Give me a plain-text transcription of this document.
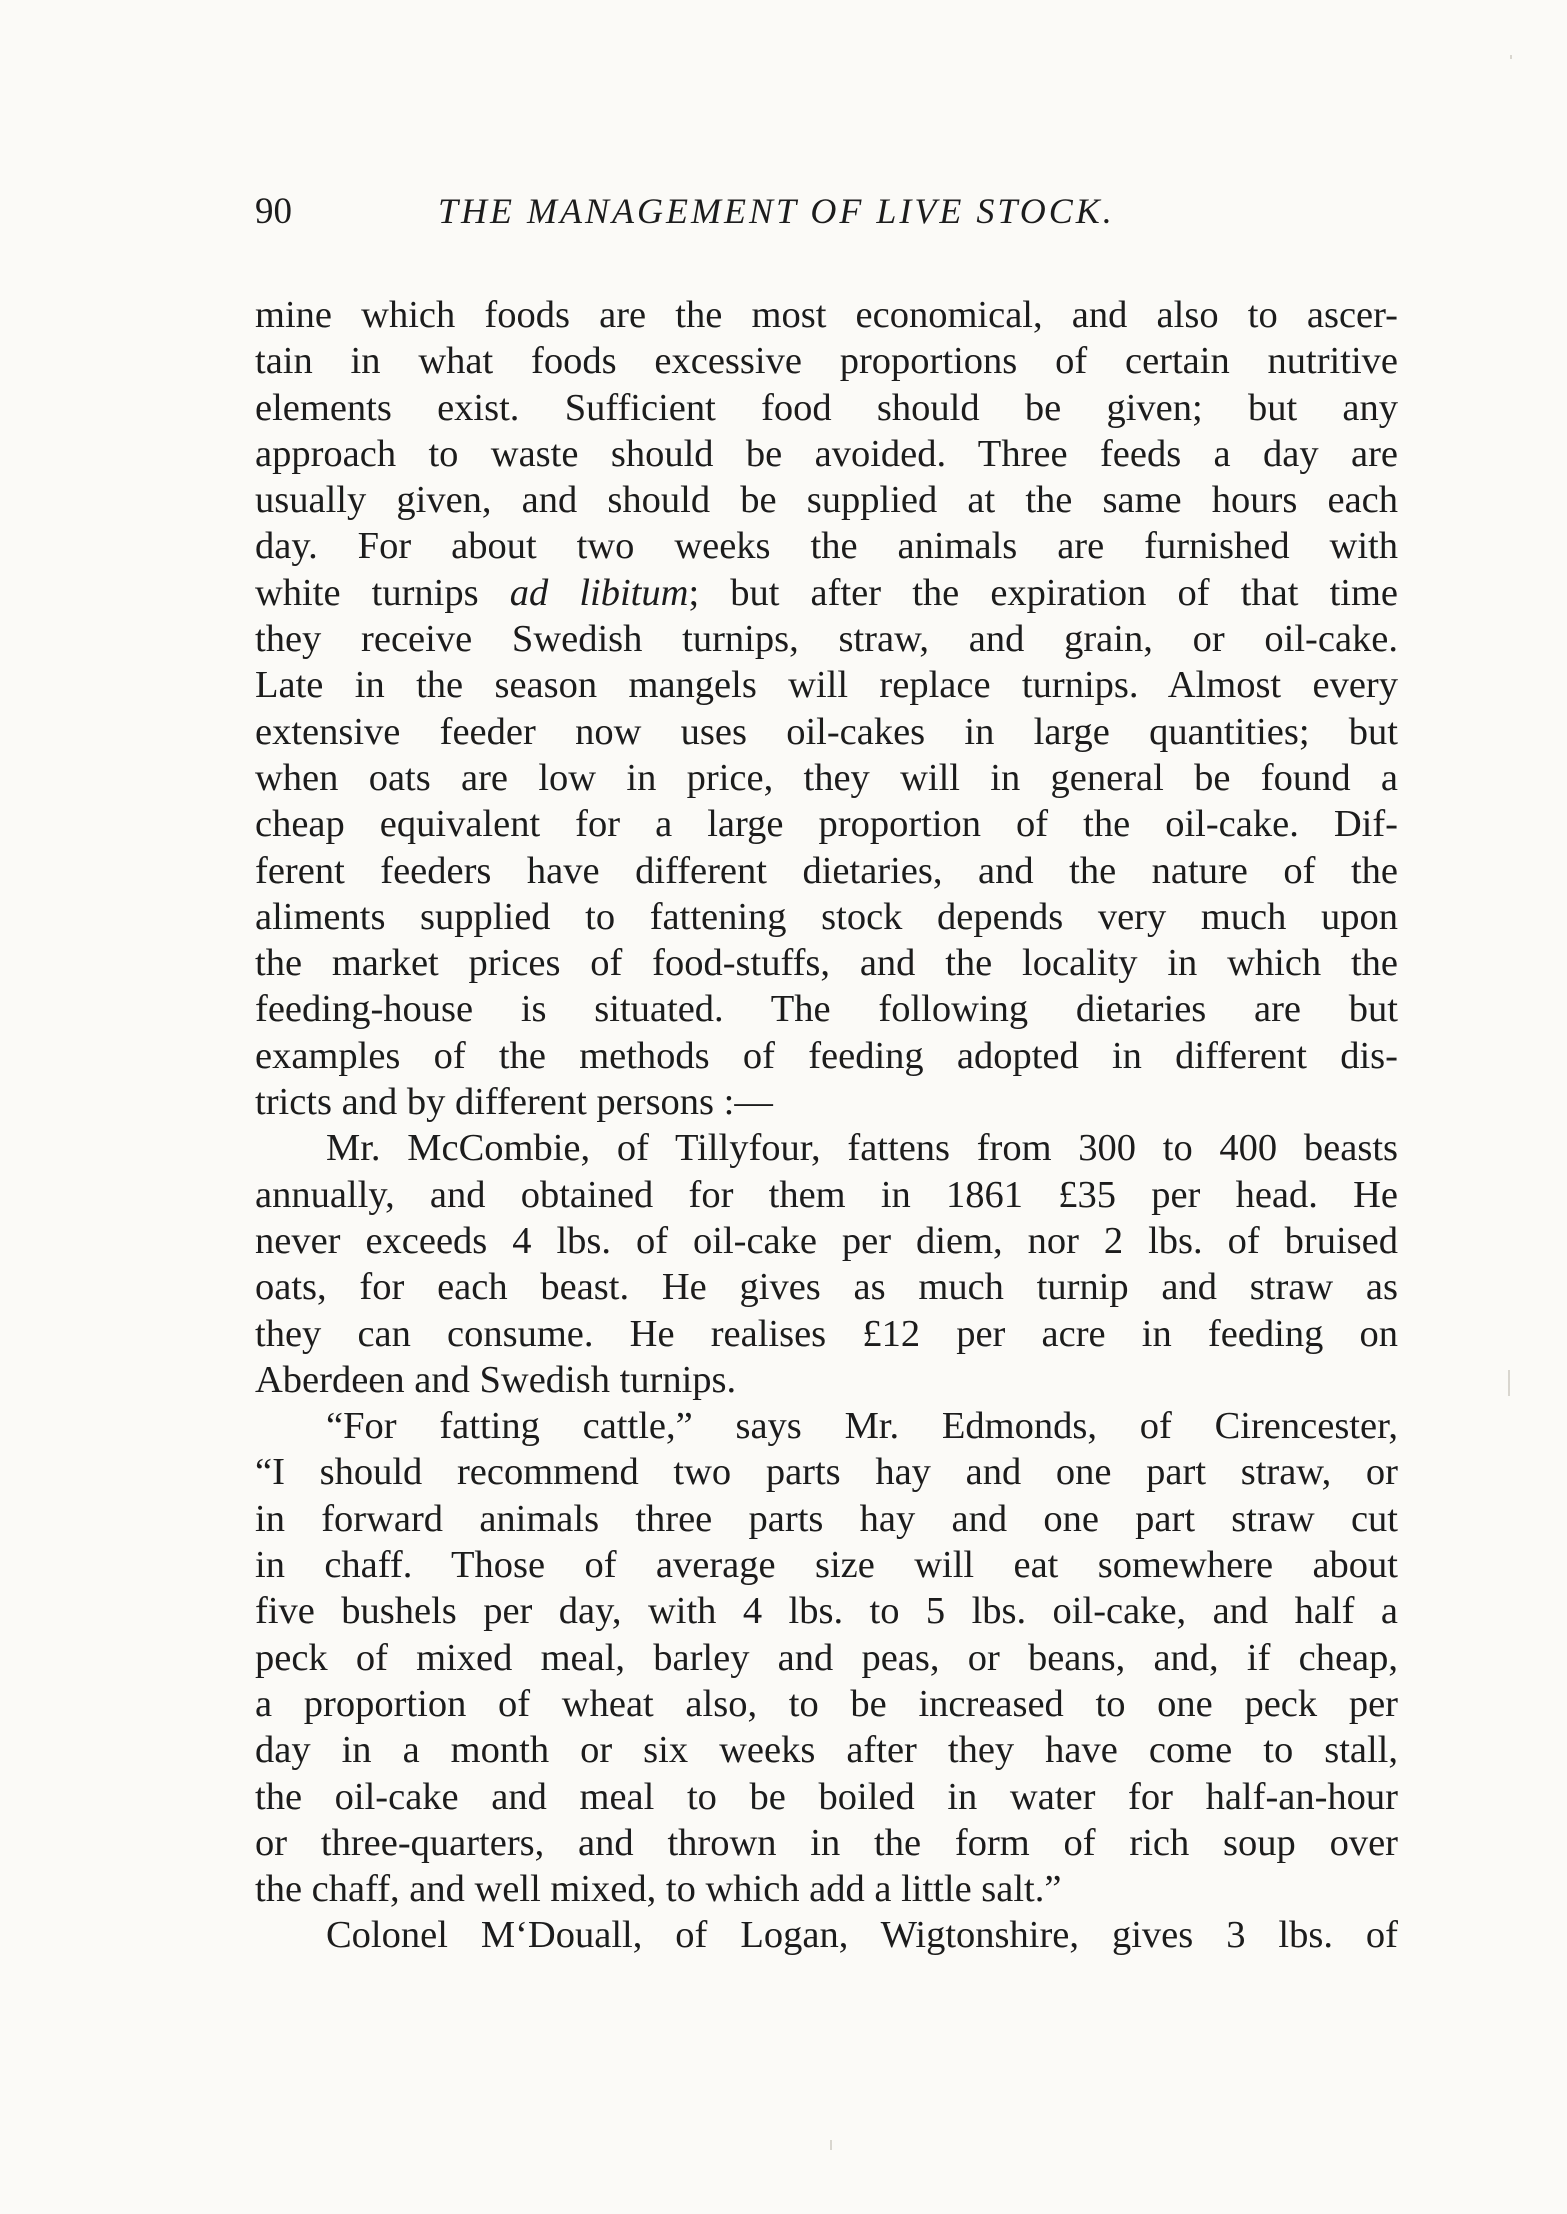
90	THE MANAGEMENT OF LIVE STOCK.
mine which foods are the most economical, and also to ascer-
tain in what foods excessive proportions of certain nutritive
elements exist. Sufficient food should be given; but any
approach to waste should be avoided. Three feeds a day are
usually given, and should be supplied at the same hours each
day. For about two weeks the animals are furnished with
white turnips ad libitum; but after the expiration of that time
they receive Swedish turnips, straw, and grain, or oil-cake.
Late in the season mangels will replace turnips. Almost every
extensive feeder now uses oil-cakes in large quantities; but
when oats are low in price, they will in general be found a
cheap equivalent for a large proportion of the oil-cake. Dif-
ferent feeders have different dietaries, and the nature of the
aliments supplied to fattening stock depends very much upon
the market prices of food-stuffs, and the locality in which the
feeding-house is situated. The following dietaries are but
examples of the methods of feeding adopted in different dis-
tricts and by different persons :—
Mr. McCombie, of Tillyfour, fattens from 300 to 400 beasts
annually, and obtained for them in 1861 £35 per head. He
never exceeds 4 lbs. of oil-cake per diem, nor 2 lbs. of bruised
oats, for each beast. He gives as much turnip and straw as
they can consume. He realises £12 per acre in feeding on
Aberdeen and Swedish turnips.
“For fatting cattle,” says Mr. Edmonds, of Cirencester,
“I should recommend two parts hay and one part straw, or
in forward animals three parts hay and one part straw cut
in chaff. Those of average size will eat somewhere about
five bushels per day, with 4 lbs. to 5 lbs. oil-cake, and half a
peck of mixed meal, barley and peas, or beans, and, if cheap,
a proportion of wheat also, to be increased to one peck per
day in a month or six weeks after they have come to stall,
the oil-cake and meal to be boiled in water for half-an-hour
or three-quarters, and thrown in the form of rich soup over
the chaff, and well mixed, to which add a little salt.”
Colonel M‘Douall, of Logan, Wigtonshire, gives 3 lbs. of
